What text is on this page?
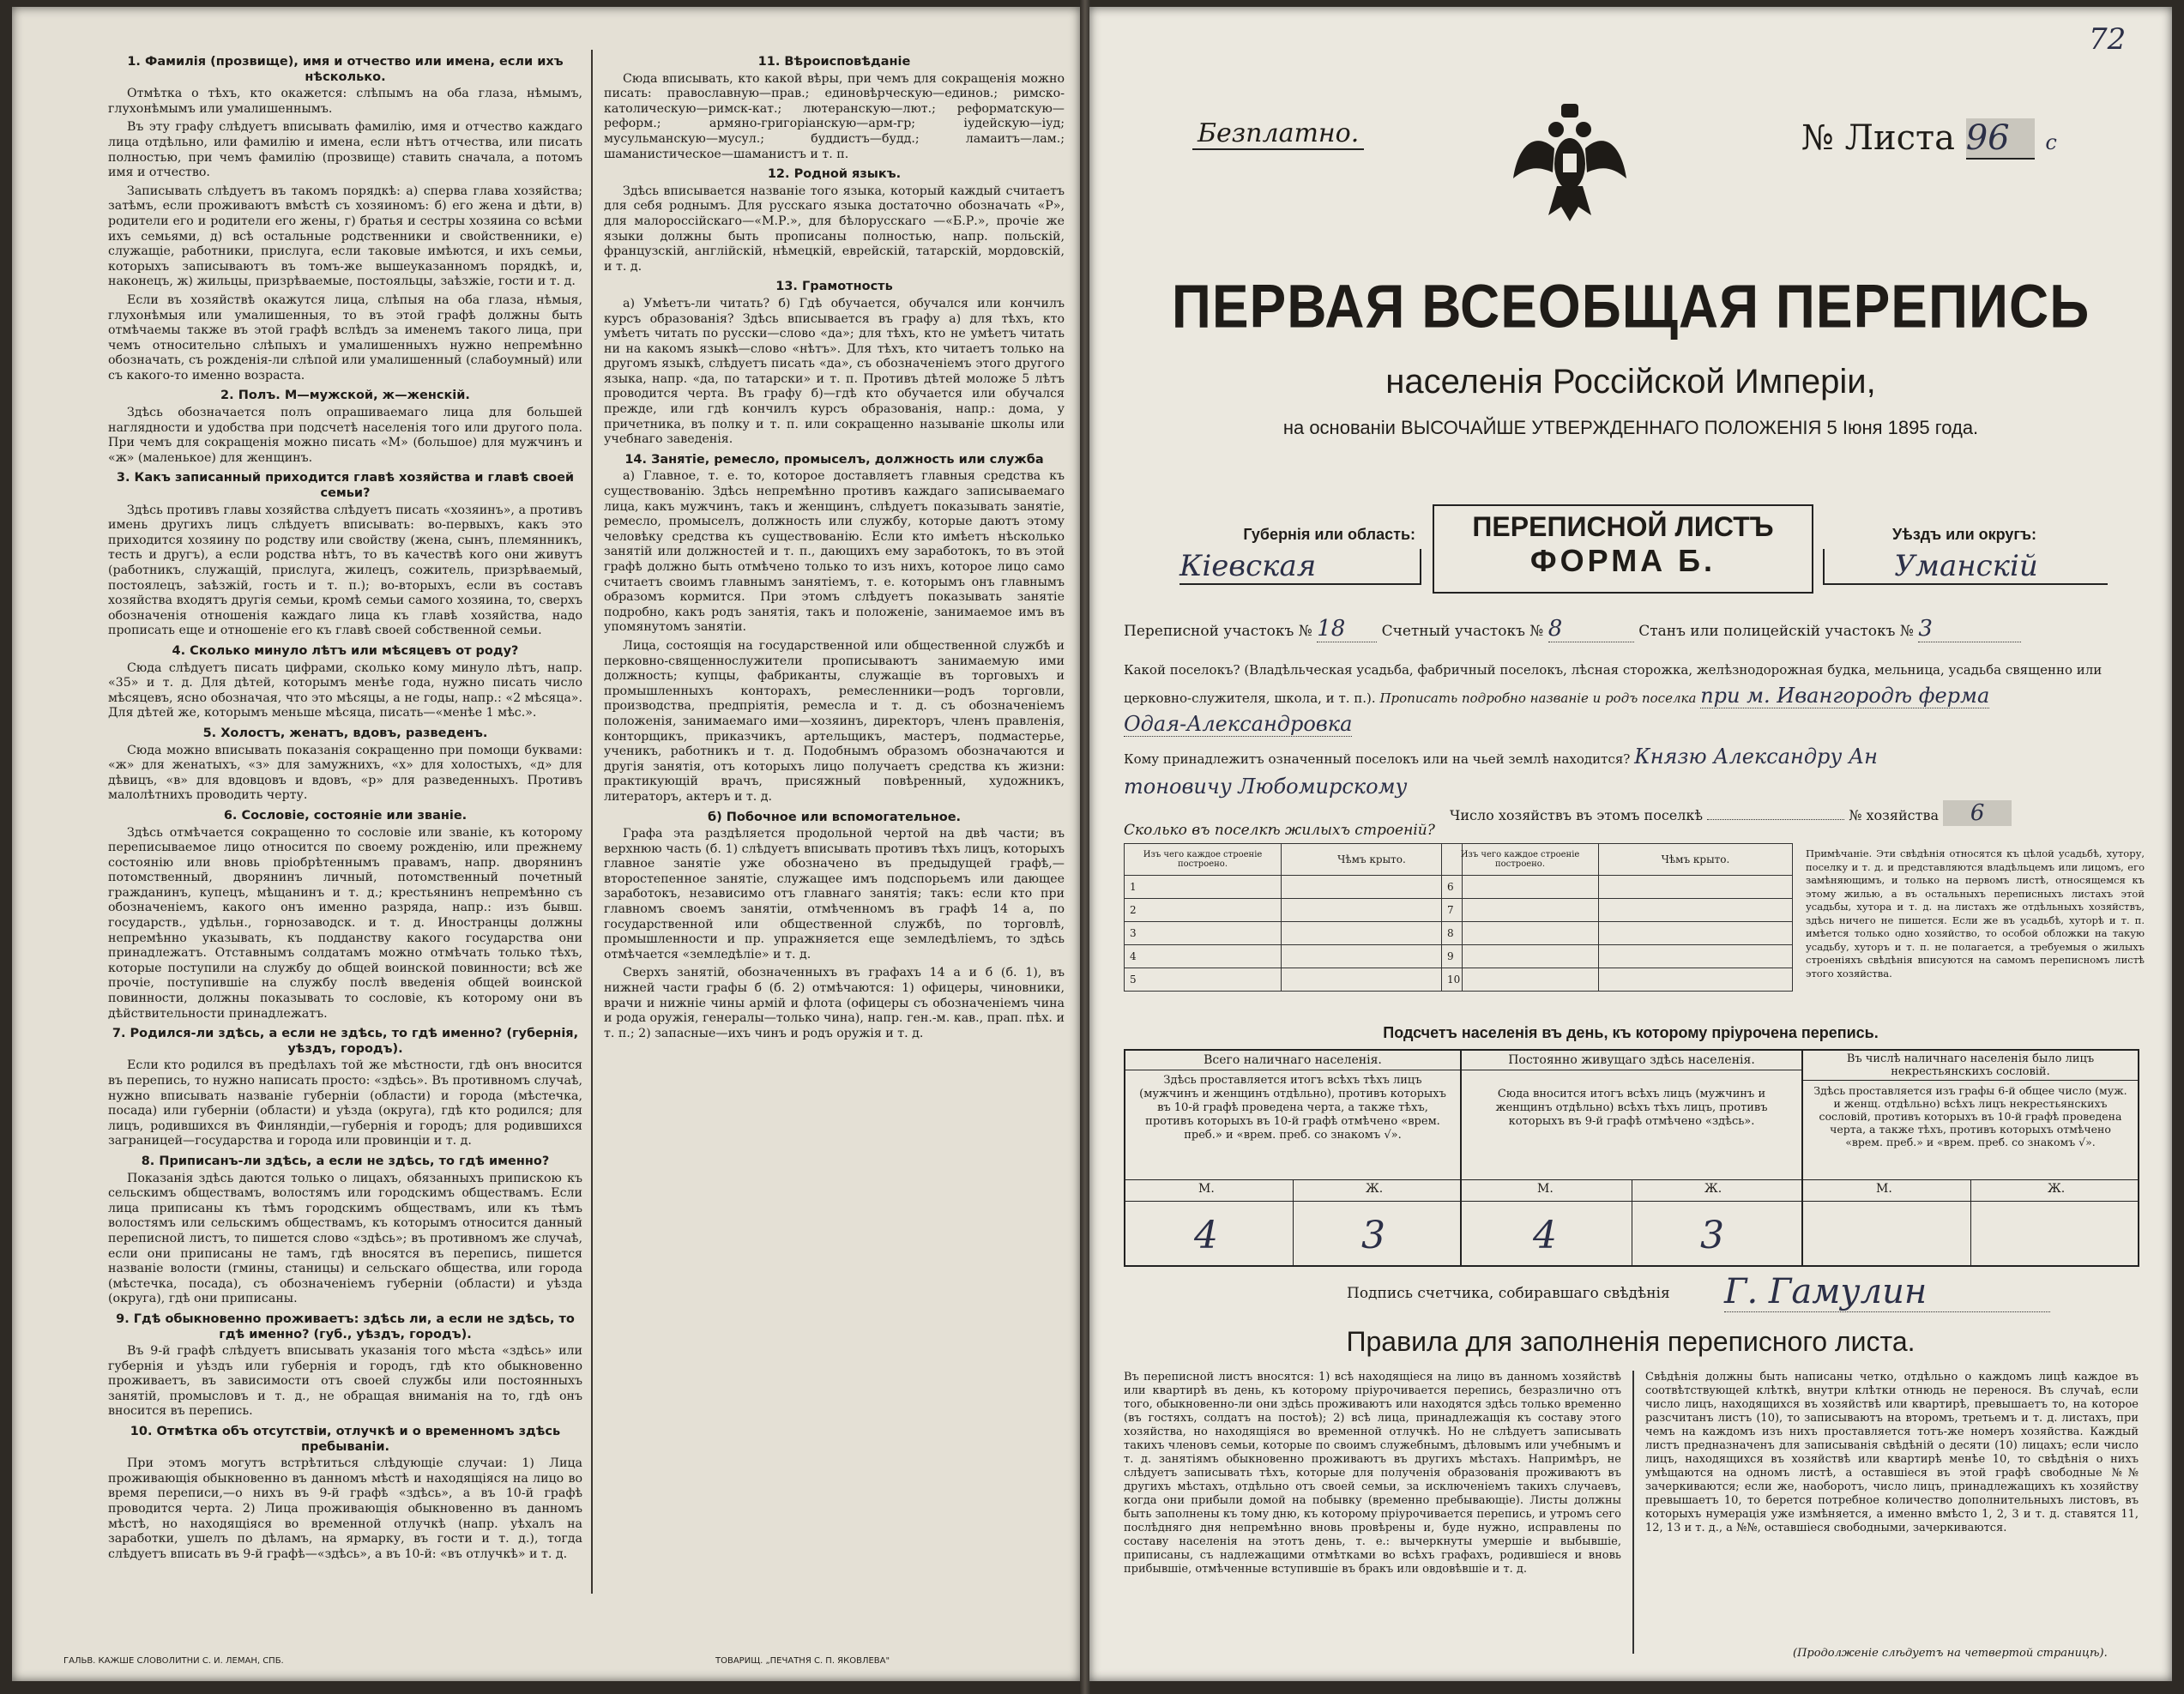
1. Фамилія (прозвище), имя и отчество или имена, если ихъ нѣсколько.
Отмѣтка о тѣхъ, кто окажется: слѣпымъ на оба глаза, нѣмымъ, глухонѣмымъ или умалишеннымъ.
Въ эту графу слѣдуетъ вписывать фамилію, имя и отчество каждаго лица отдѣльно, или фамилію и имена, если нѣтъ отчества, или писать полностью, при чемъ фамилію (прозвище) ставить сначала, а потомъ имя и отчество.
Записывать слѣдуетъ въ такомъ порядкѣ: а) сперва глава хозяйства; затѣмъ, если проживаютъ вмѣстѣ съ хозяиномъ: б) его жена и дѣти, в) родители его и родители его жены, г) братья и сестры хозяина со всѣми ихъ семьями, д) всѣ остальные родственники и свойственники, е) служащіе, работники, прислуга, если таковые имѣются, и ихъ семьи, которыхъ записываютъ въ томъ-же вышеуказанномъ порядкѣ, и, наконецъ, ж) жильцы, призрѣваемые, постояльцы, заѣзжіе, гости и т. д.
Если въ хозяйствѣ окажутся лица, слѣпыя на оба глаза, нѣмыя, глухонѣмыя или умалишенныя, то въ этой графѣ должны быть отмѣчаемы также въ этой графѣ вслѣдъ за именемъ такого лица, при чемъ относительно слѣпыхъ и умалишенныхъ нужно непремѣнно обозначать, съ рожденія-ли слѣпой или умалишенный (слабоумный) или съ какого-то именно возраста.
2. Полъ. М—мужской, ж—женскій.
Здѣсь обозначается полъ опрашиваемаго лица для большей наглядности и удобства при подсчетѣ населенія того или другого пола. При чемъ для сокращенія можно писать «М» (большое) для мужчинъ и «ж» (маленькое) для женщинъ.
3. Какъ записанный приходится главѣ хозяйства и главѣ своей семьи?
Здѣсь противъ главы хозяйства слѣдуетъ писать «хозяинъ», а противъ имень другихъ лицъ слѣдуетъ вписывать: во-первыхъ, какъ это приходится хозяину по родству или свойству (жена, сынъ, племянникъ, тесть и другъ), а если родства нѣтъ, то въ качествѣ кого они живутъ (работникъ, служащій, прислуга, жилецъ, сожитель, призрѣваемый, постоялецъ, заѣзжій, гость и т. п.); во-вторыхъ, если въ составъ хозяйства входятъ другія семьи, кромѣ семьи самого хозяина, то, сверхъ обозначенія отношенія каждаго лица къ главѣ хозяйства, надо прописать еще и отношеніе его къ главѣ своей собственной семьи.
4. Сколько минуло лѣтъ или мѣсяцевъ от роду?
Сюда слѣдуетъ писать цифрами, сколько кому минуло лѣтъ, напр. «35» и т. д. Для дѣтей, которымъ менѣе года, нужно писать число мѣсяцевъ, ясно обозначая, что это мѣсяцы, а не годы, напр.: «2 мѣсяца». Для дѣтей же, которымъ меньше мѣсяца, писать—«менѣе 1 мѣс.».
5. Холостъ, женатъ, вдовъ, разведенъ.
Сюда можно вписывать показанія сокращенно при помощи буквами: «ж» для женатыхъ, «з» для замужнихъ, «х» для холостыхъ, «д» для дѣвицъ, «в» для вдовцовъ и вдовъ, «р» для разведенныхъ. Противъ малолѣтнихъ проводить черту.
6. Сословіе, состояніе или званіе.
Здѣсь отмѣчается сокращенно то сословіе или званіе, къ которому перепиcываемое лицо относится по своему рожденію, или прежнему состоянію или вновь пріобрѣтеннымъ правамъ, напр. дворянинъ потомственный, дворянинъ личный, потомственный почетный гражданинъ, купецъ, мѣщанинъ и т. д.; крестьянинъ непремѣнно съ обозначеніемъ, какого онъ именно разряда, напр.: изъ бывш. государств., удѣльн., горнозаводск. и т. д. Иностранцы должны непремѣнно указывать, къ подданству какого государства они принадлежатъ. Отставнымъ солдатамъ можно отмѣчать только тѣхъ, которые поступили на службу до общей воинской повинности; всѣ же прочіе, поступившіе на службу послѣ введенія общей воинской повинности, должны показывать то сословіе, къ которому они въ дѣйствительности принадлежатъ.
7. Родился-ли здѣсь, а если не здѣсь, то гдѣ именно? (губернія, уѣздъ, городъ).
Если кто родился въ предѣлахъ той же мѣстности, гдѣ онъ вносится въ перепись, то нужно написать просто: «здѣсь». Въ противномъ случаѣ, нужно вписывать названіе губерніи (области) и города (мѣстечка, посада) или губерніи (области) и уѣзда (округа), гдѣ кто родился; для лицъ, родившихся въ Финляндіи,—губернія и городъ; для родившихся заграницей—государства и города или провинціи и т. д.
8. Приписанъ-ли здѣсь, а если не здѣсь, то гдѣ именно?
Показанія здѣсь даются только о лицахъ, обязанныхъ припискою къ сельскимъ обществамъ, волостямъ или городскимъ обществамъ. Если лица приписаны къ тѣмъ городскимъ обществамъ, или къ тѣмъ волостямъ или сельскимъ обществамъ, къ которымъ относится данный переписной листъ, то пишется слово «здѣсь»; въ противномъ же случаѣ, если они приписаны не тамъ, гдѣ вносятся въ перепись, пишется названіе волости (гмины, станицы) и сельскаго общества, или города (мѣстечка, посада), съ обозначеніемъ губерніи (области) и уѣзда (округа), гдѣ они приписаны.
9. Гдѣ обыкновенно проживаетъ: здѣсь ли, а если не здѣсь, то гдѣ именно? (губ., уѣздъ, городъ).
Въ 9-й графѣ слѣдуетъ вписывать указанія того мѣста «здѣсь» или губернія и уѣздъ или губернія и городъ, гдѣ кто обыкновенно проживаетъ, въ зависимости отъ своей службы или постоянныхъ занятій, промысловъ и т. д., не обращая вниманія на то, гдѣ онъ вносится въ перепись.
10. Отмѣтка объ отсутствіи, отлучкѣ и о временномъ здѣсь пребываніи.
При этомъ могутъ встрѣтиться слѣдующіе случаи: 1) Лица проживающія обыкновенно въ данномъ мѣстѣ и находящіяся на лицо во время переписи,—о нихъ въ 9-й графѣ «здѣсь», а въ 10-й графѣ проводится черта. 2) Лица проживающія обыкновенно въ данномъ мѣстѣ, но находящіяся во временной отлучкѣ (напр. уѣхалъ на заработки, ушелъ по дѣламъ, на ярмарку, въ гости и т. д.), тогда слѣдуетъ вписать въ 9-й графѣ—«здѣсь», а въ 10-й: «въ отлучкѣ» и т. д.
11. Вѣроисповѣданіе
Сюда вписывать, кто какой вѣры, при чемъ для сокращенія можно писать: православную—прав.; единовѣрческую—единов.; римско-католическую—римск-кат.; лютеранскую—лют.; реформатскую—реформ.; армяно-григоріанскую—арм-гр; іудейскую—іуд; мусульманскую—мусул.; буддистъ—будд.; ламаитъ—лам.; шаманистическое—шаманистъ и т. п.
12. Родной языкъ.
Здѣсь вписывается названіе того языка, который каждый считаетъ для себя роднымъ. Для русскаго языка достаточно обозначать «Р», для малороссійскаго—«М.Р.», для бѣлорусскаго —«Б.Р.», прочіе же языки должны быть прописаны полностью, напр. польскій, французскій, англійскій, нѣмецкій, еврейскій, татарскій, мордовскій, и т. д.
13. Грамотность
а) Умѣетъ-ли читать? б) Гдѣ обучается, обучался или кончилъ курсъ образованія? Здѣсь вписывается въ графу а) для тѣхъ, кто умѣетъ читать по русски—слово «да»; для тѣхъ, кто не умѣетъ читать ни на какомъ языкѣ—слово «нѣтъ». Для тѣхъ, кто читаетъ только на другомъ языкѣ, слѣдуетъ писать «да», съ обозначеніемъ этого другого языка, напр. «да, по татарски» и т. п. Противъ дѣтей моложе 5 лѣтъ проводится черта. Въ графу б)—гдѣ кто обучается или обучался прежде, или гдѣ кончилъ курсъ образованія, напр.: дома, у причетника, въ полку и т. п. или сокращенно называніе школы или учебнаго заведенія.
14. Занятіе, ремесло, промыселъ, должность или служба
а) Главное, т. е. то, которое доставляетъ главныя средства къ существованію. Здѣсь непремѣнно противъ каждаго записываемаго лица, какъ мужчинъ, такъ и женщинъ, слѣдуетъ показывать занятіе, ремесло, промыселъ, должность или службу, которые даютъ этому человѣку средства къ существованію. Если кто имѣетъ нѣсколько занятій или должностей и т. п., дающихъ ему заработокъ, то въ этой графѣ должно быть отмѣчено только то изъ нихъ, которое лицо само считаетъ своимъ главнымъ занятіемъ, т. е. которымъ онъ главнымъ образомъ кормится. При этомъ слѣдуетъ показывать занятіе подробно, какъ родъ занятія, такъ и положеніе, занимаемое имъ въ упомянутомъ занятіи.
Лица, состоящія на государственной или общественной службѣ и перковно-священнослужители прописываютъ занимаемую ими должность; купцы, фабриканты, служащіе въ торговыхъ и промышленныхъ конторахъ, ремесленники—родъ торговли, производства, предпріятія, ремесла и т. д. съ обозначеніемъ положенія, занимаемаго ими—хозяинъ, директоръ, членъ правленія, конторщикъ, приказчикъ, артельщикъ, мастеръ, подмастерье, ученикъ, работникъ и т. д. Подобнымъ образомъ обозначаются и другія занятія, отъ которыхъ лицо получаетъ средства къ жизни: практикующій врачъ, присяжный повѣренный, художникъ, литераторъ, актеръ и т. д.
б) Побочное или вспомогательное.
Графа эта раздѣляется продольной чертой на двѣ части; въ верхнюю часть (б. 1) слѣдуетъ вписывать противъ тѣхъ лицъ, которыхъ главное занятіе уже обозначено въ предыдущей графѣ,—второстепенное занятіе, служащее имъ подспорьемъ или дающее заработокъ, независимо отъ главнаго занятія; такъ: если кто при главномъ своемъ занятіи, отмѣченномъ въ графѣ 14 а, по государственной или общественной службѣ, по торговлѣ, промышленности и пр. упражняется еще земледѣліемъ, то здѣсь отмѣчается «земледѣліе» и т. д.
Сверхъ занятій, обозначенныхъ въ графахъ 14 а и б (б. 1), въ нижней части графы б (б. 2) отмѣчаются: 1) офицеры, чиновники, врачи и нижніе чины армій и флота (офицеры съ обозначеніемъ чина и рода оружія, генералы—только чина), напр. ген.-м. кав., прап. пѣх. и т. п.; 2) запасные—ихъ чинъ и родъ оружія и т. д.
ГАЛЬВ. КАЖШЕ СЛОВОЛИТНИ С. И. ЛЕМАН, СПБ.	ТОВАРИЩ. „ПЕЧАТНЯ С. П. ЯКОВЛЕВА"
72
Безплатно.	№ Листа 96 с
ПЕРВАЯ ВСЕОБЩАЯ ПЕРЕПИСЬ
населенія Россійской Имперіи,
на основаніи ВЫСОЧАЙШЕ УТВЕРЖДЕННАГО ПОЛОЖЕНІЯ 5 Іюня 1895 года.
Губернія или область:
Кіевская
ПЕРЕПИСНОЙ ЛИСТЪ
ФОРМА Б.
Уѣздъ или округъ:
Уманскій
Переписной участокъ № 18 Счетный участокъ № 8	Станъ или полицейскій участокъ № 3
Какой поселокъ? (Владѣльческая усадьба, фабричный поселокъ, лѣсная сторожка, желѣзнодорожная будка, мельница, усадьба священно или церковно-служителя, школа, и т. п.). Прописать подробно названіе и родъ поселка при м. Ивангородѣ ферма
Одая-Александровка
Кому принадлежитъ означенный поселокъ или на чьей землѣ находится? Князю Александру Ан
тоновичу Любомирскому
Число хозяйствъ въ этомъ поселкѣ	№ хозяйства 6
Сколько въ поселкѣ жилыхъ строеній?
Изъ чего каждое строеніе построено.	Чѣмъ крыто.
1	
2	
3	
4	
5	
Изъ чего каждое строеніе построено.	Чѣмъ крыто.
6	
7	
8	
9	
10	
Примѣчаніе. Эти свѣдѣнія относятся къ цѣлой усадьбѣ, хутору, поселку и т. д. и представляются владѣльцемъ или лицомъ, его замѣняющимъ, и только на первомъ листѣ, относящемся къ этому жилью, а въ остальныхъ переписныхъ листахъ этой усадьбы, хутора и т. д. на листахъ же отдѣльныхъ хозяйствъ, здѣсь ничего не пишется. Если же въ усадьбѣ, хуторѣ и т. п. имѣется только одно хозяйство, то особой обложки на такую усадьбу, хуторъ и т. п. не полагается, а требуемыя о жилыхъ строеніяхъ свѣдѣнія вписуются на самомъ переписномъ листѣ этого хозяйства.
Подсчетъ населенія въ день, къ которому пріурочена перепись.
Всего наличнаго населенія.
Здѣсь проставляется итогъ всѣхъ тѣхъ лицъ (мужчинъ и женщинъ отдѣльно), противъ которыхъ въ 10-й графѣ проведена черта, а также тѣхъ, противъ которыхъ въ 10-й графѣ отмѣчено «врем. преб.» и «врем. преб. со знакомъ √».
Постоянно живущаго здѣсь населенія.
Сюда вносится итогъ всѣхъ лицъ (мужчинъ и женщинъ отдѣльно) всѣхъ тѣхъ лицъ, противъ которыхъ въ 9-й графѣ отмѣчено «здѣсь».
Въ числѣ наличнаго населенія было лицъ некрестьянскихъ сословій.
Здѣсь проставляется изъ графы 6-й общее число (муж. и женщ. отдѣльно) всѣхъ лицъ некрестьянскихъ сословій, противъ которыхъ въ 10-й графѣ проведена черта, а также тѣхъ, противъ которыхъ отмѣчено «врем. преб.» и «врем. преб. со знакомъ √».
М.	Ж.	М.	Ж.	М.	Ж.
4	3	4	3
Подпись счетчика, собиравшаго свѣдѣнія Г. Гамулин
Правила для заполненія переписного листа.
Въ переписной листъ вносятся: 1) всѣ находящіеся на лицо въ данномъ хозяйствѣ или квартирѣ въ день, къ которому пріурочивается перепись, безразлично отъ того, обыкновенно-ли они здѣсь проживаютъ или находятся здѣсь только временно (въ гостяхъ, солдатъ на постоѣ); 2) всѣ лица, принадлежащія къ составу этого хозяйства, но находящіяся во временной отлучкѣ. Но не слѣдуетъ записывать такихъ членовъ семьи, которые по своимъ служебнымъ, дѣловымъ или учебнымъ и т. д. занятіямъ обыкновенно проживаютъ въ другихъ мѣстахъ. Напримѣръ, не слѣдуетъ записывать тѣхъ, которые для полученія образованія проживаютъ въ другихъ мѣстахъ, отдѣльно отъ своей семьи, за исключеніемъ такихъ случаевъ, когда они прибыли домой на побывку (временно пребывающіе). Листы должны быть заполнены къ тому дню, къ которому пріурочивается перепись, и утромъ сего послѣдняго дня непремѣнно вновь провѣрены и, буде нужно, исправлены по составу населенія на этотъ день, т. е.: вычеркнуты умершіе и выбывшіе, приписаны, съ надлежащими отмѣтками во всѣхъ графахъ, родившіеся и вновь прибывшіе, отмѣченные вступившіе въ бракъ или овдовѣвшіе и т. д.
Свѣдѣнія должны быть написаны четко, отдѣльно о каждомъ лицѣ каждое въ соотвѣтствующей клѣткѣ, внутри клѣтки отнюдь не перенося. Въ случаѣ, если число лицъ, находящихся въ хозяйствѣ или квартирѣ, превышаетъ то, на которое разсчитанъ листъ (10), то записываютъ на второмъ, третьемъ и т. д. листахъ, при чемъ на каждомъ изъ нихъ проставляется тотъ-же номеръ хозяйства. Каждый листъ предназначенъ для записыванія свѣдѣній о десяти (10) лицахъ; если число лицъ, находящихся въ хозяйствѣ или квартирѣ менѣе 10, то свѣдѣнія о нихъ умѣщаются на одномъ листѣ, а оставшіеся въ этой графѣ свободные №№ зачеркиваются; если же, наоборотъ, число лицъ, принадлежащихъ къ хозяйству превышаетъ 10, то берется потребное количество дополнительныхъ листовъ, въ которыхъ нумерація уже измѣняется, а именно вмѣсто 1, 2, 3 и т. д. ставятся 11, 12, 13 и т. д., а №№, оставшіеся свободными, зачеркиваются.
(Продолженіе слѣдуетъ на четвертой страницѣ).
